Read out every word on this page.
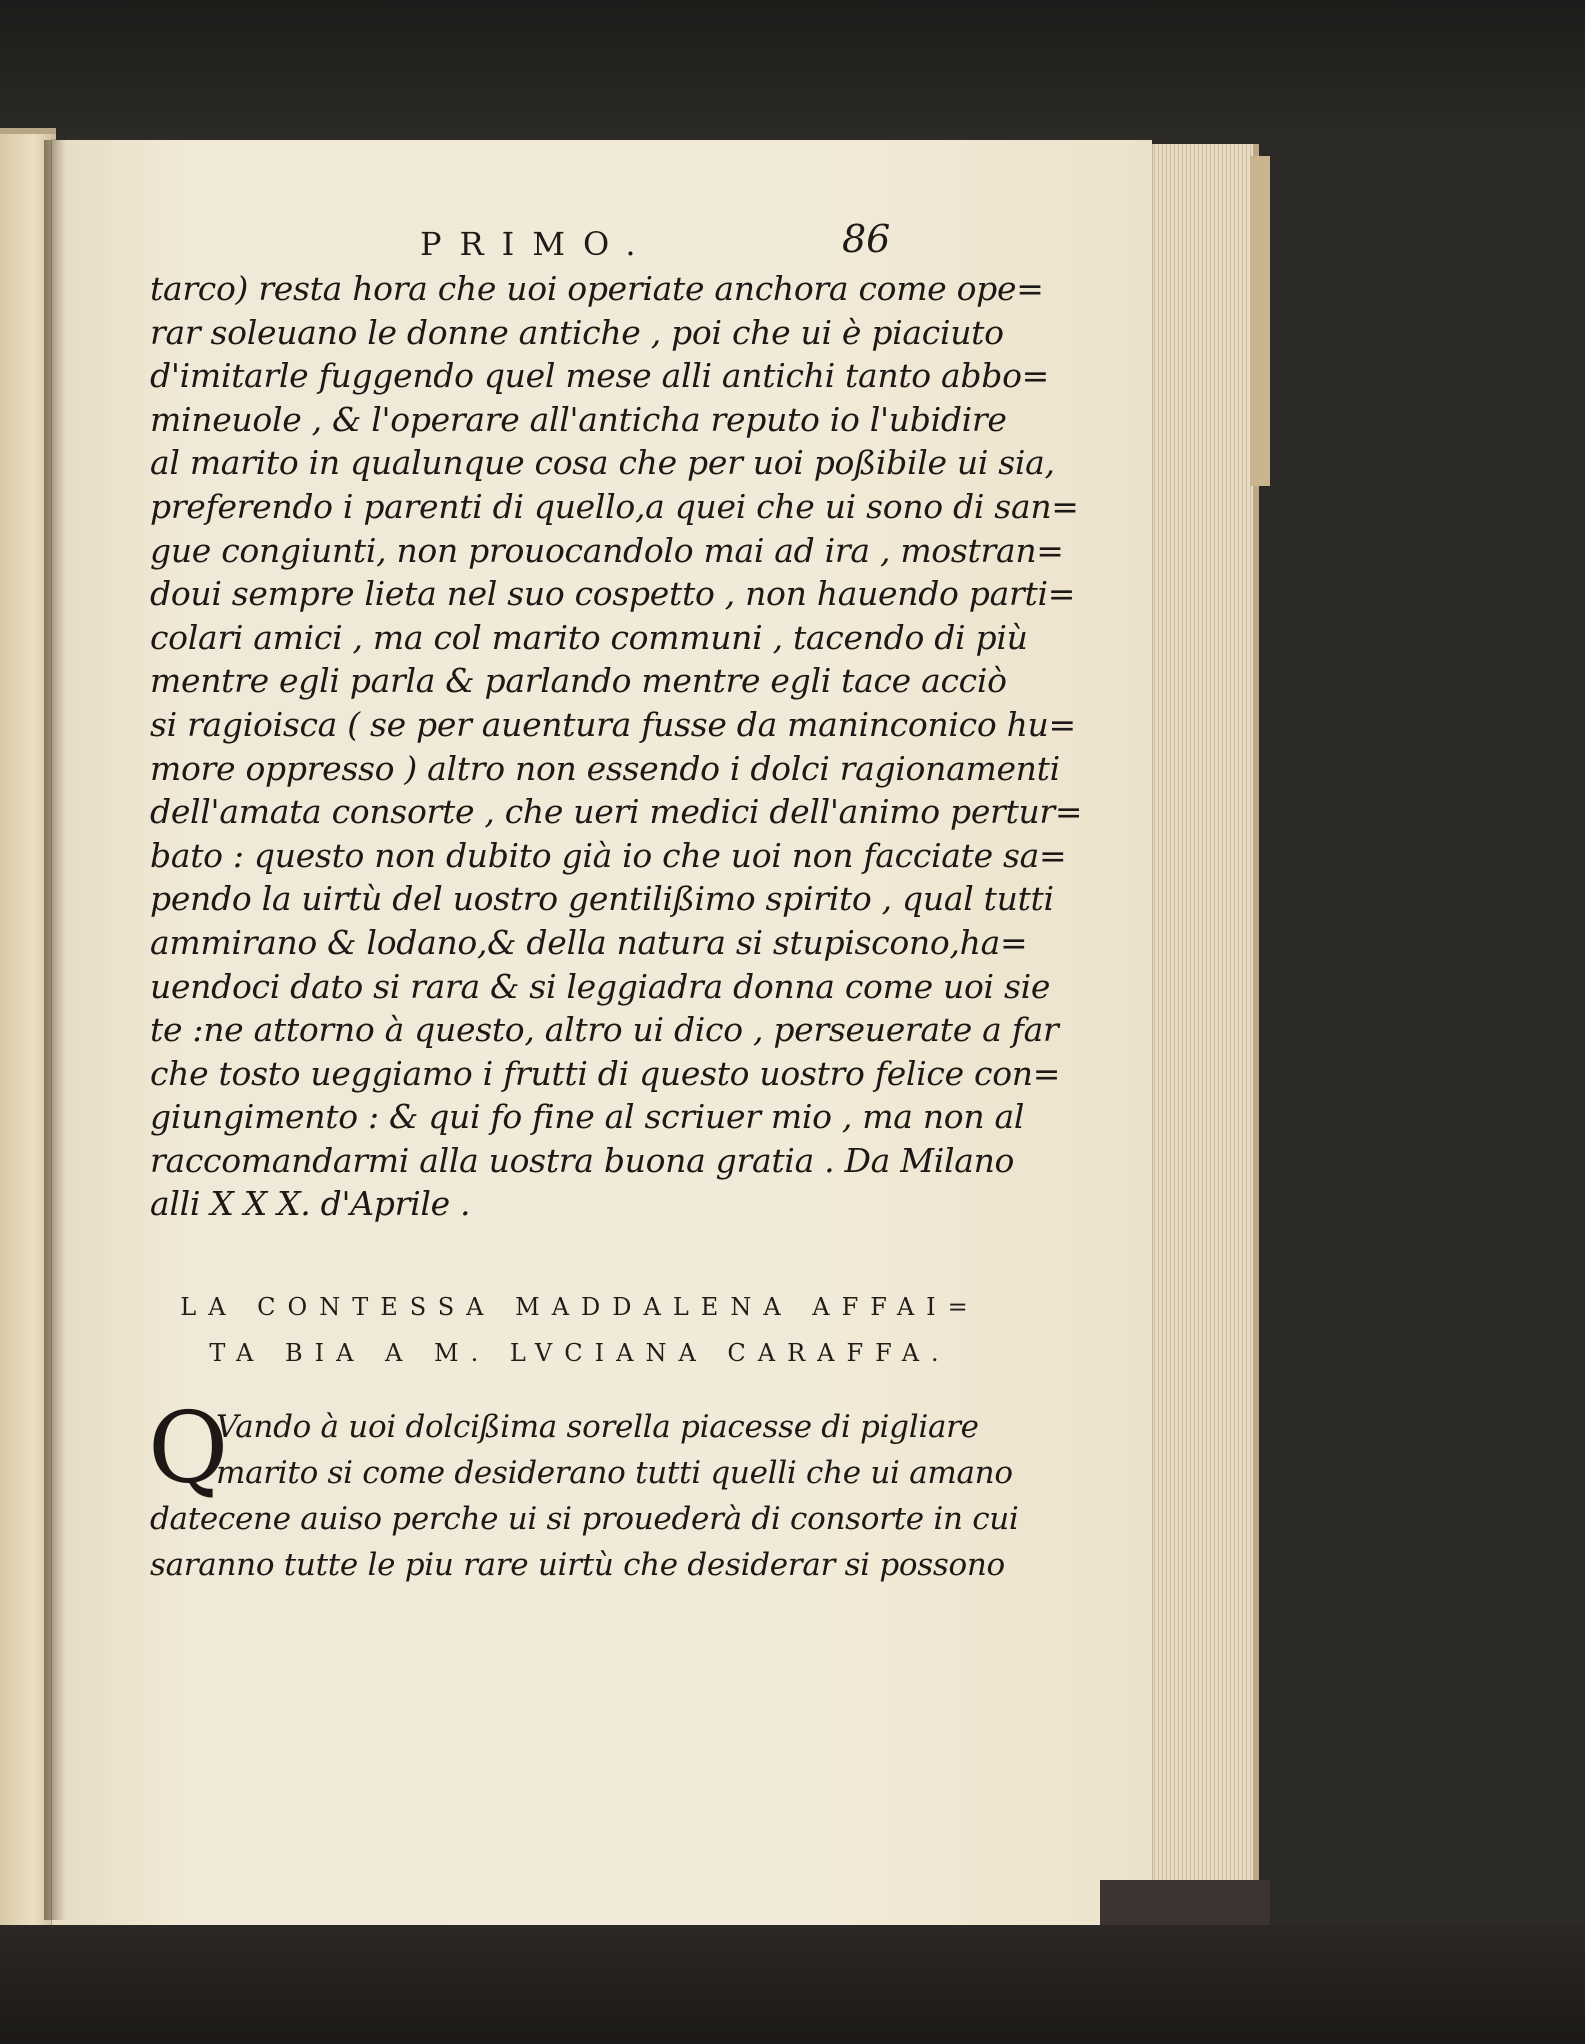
PRIMO.	86
tarco) resta hora che uoi operiate anchora come ope=
rar soleuano le donne antiche , poi che ui è piaciuto
d'imitarle fuggendo quel mese alli antichi tanto abbo=
mineuole , & l'operare all'anticha reputo io l'ubidire
al marito in qualunque cosa che per uoi poßibile ui sia,
preferendo i parenti di quello,a quei che ui sono di san=
gue congiunti, non prouocandolo mai ad ira , mostran=
doui sempre lieta nel suo cospetto , non hauendo parti=
colari amici , ma col marito communi , tacendo di più
mentre egli parla & parlando mentre egli tace acciò
si ragioisca ( se per auentura fusse da maninconico hu=
more oppresso ) altro non essendo i dolci ragionamenti
dell'amata consorte , che ueri medici dell'animo pertur=
bato : questo non dubito già io che uoi non facciate sa=
pendo la uirtù del uostro gentilißimo spirito , qual tutti
ammirano & lodano,& della natura si stupiscono,ha=
uendoci dato si rara & si leggiadra donna come uoi sie
te :ne attorno à questo, altro ui dico , perseuerate a far
che tosto ueggiamo i frutti di questo uostro felice con=
giungimento : & qui fo fine al scriuer mio , ma non al
raccomandarmi alla uostra buona gratia . Da Milano
alli X X X. d'Aprile .
LA CONTESSA MADDALENA AFFAI=
TA BIA A M. LVCIANA CARAFFA.
Q
Vando à uoi dolcißima sorella piacesse di pigliare
marito si come desiderano tutti quelli che ui amano
datecene auiso perche ui si prouederà di consorte in cui
saranno tutte le piu rare uirtù che desiderar si possono
